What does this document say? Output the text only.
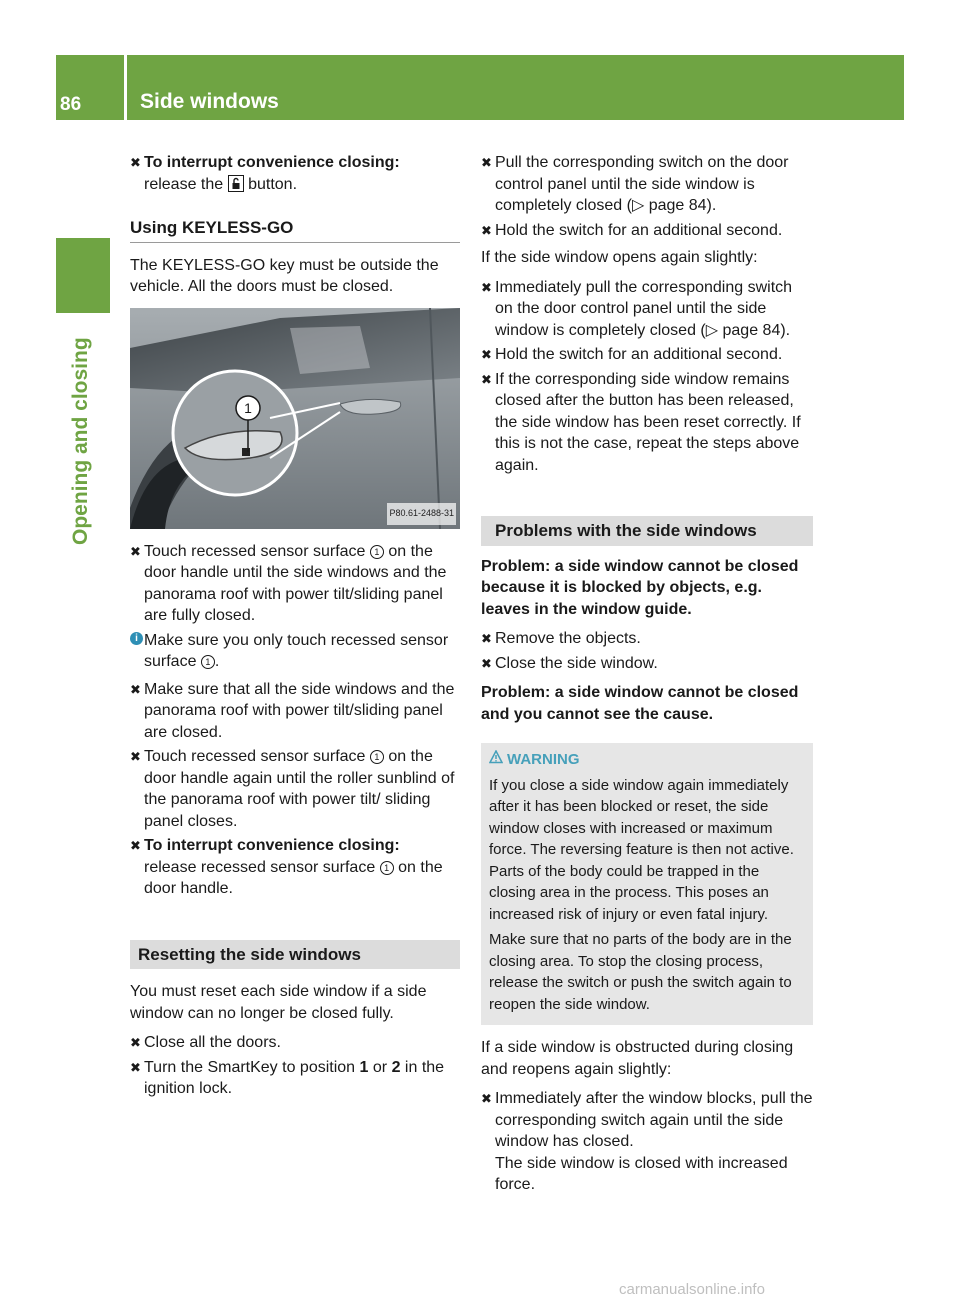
86	Side windows
Opening and closing
✖ To interrupt convenience closing:
release the button.
Using KEYLESS-GO
The KEYLESS-GO key must be outside the vehicle. All the doors must be closed.
1
P80.61-2488-31
✖ Touch recessed sensor surface 1 on the door handle until the side windows and the panorama roof with power tilt/sliding panel are fully closed.
i Make sure you only touch recessed sensor surface 1 .
✖ Make sure that all the side windows and the panorama roof with power tilt/sliding panel are closed.
✖ Touch recessed sensor surface 1 on the door handle again until the roller sunblind of the panorama roof with power tilt/ sliding panel closes.
✖ To interrupt convenience closing:
release recessed sensor surface 1 on the door handle.
Resetting the side windows
You must reset each side window if a side window can no longer be closed fully.
✖ Close all the doors.
✖ Turn the SmartKey to position 1 or 2 in the ignition lock.
✖ Pull the corresponding switch on the door control panel until the side window is completely closed (▷ page 84).
✖ Hold the switch for an additional second.
If the side window opens again slightly:
✖ Immediately pull the corresponding switch on the door control panel until the side window is completely closed (▷ page 84).
✖ Hold the switch for an additional second.
✖ If the corresponding side window remains closed after the button has been released, the side window has been reset correctly. If this is not the case, repeat the steps above again.
Problems with the side windows
Problem: a side window cannot be closed because it is blocked by objects, e.g. leaves in the window guide.
✖ Remove the objects.
✖ Close the side window.
Problem: a side window cannot be closed and you cannot see the cause.
WARNING

If you close a side window again immediately after it has been blocked or reset, the side window closes with increased or maximum force. The reversing feature is then not active. Parts of the body could be trapped in the closing area in the process. This poses an increased risk of injury or even fatal injury.

Make sure that no parts of the body are in the closing area. To stop the closing process, release the switch or push the switch again to reopen the side window.

If a side window is obstructed during closing and reopens again slightly:
✖ Immediately after the window blocks, pull the corresponding switch again until the side window has closed.
The side window is closed with increased force.
carmanualsonline.info
